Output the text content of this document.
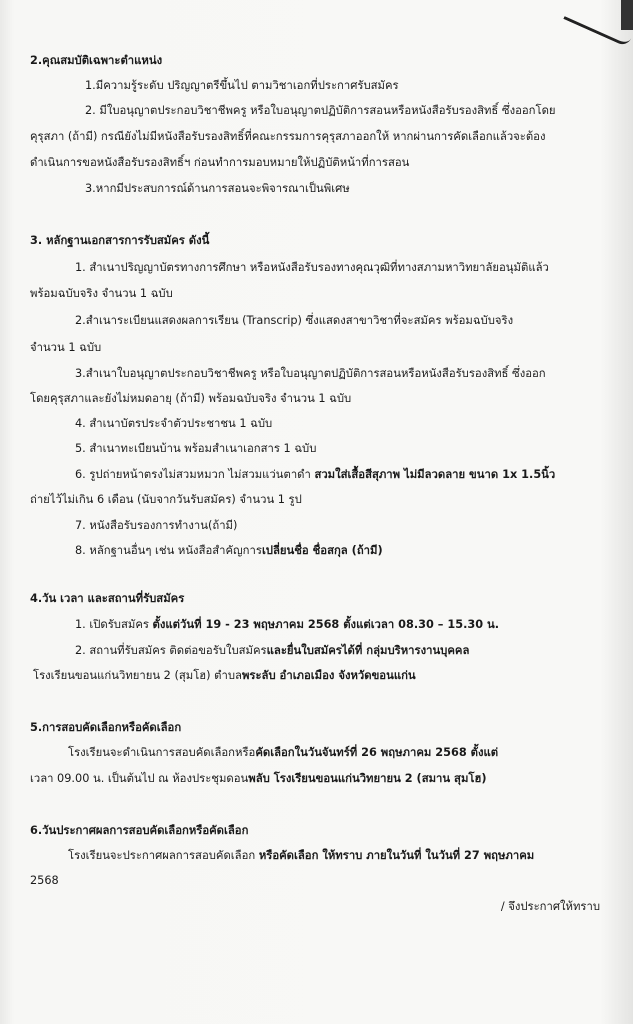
2.คุณสมบัติเฉพาะตำแหน่ง
1.มีความรู้ระดับ ปริญญาตรีขึ้นไป ตามวิชาเอกที่ประกาศรับสมัคร
2. มีใบอนุญาตประกอบวิชาชีพครู หรือใบอนุญาตปฏิบัติการสอนหรือหนังสือรับรองสิทธิ์ ซึ่งออกโดย
คุรุสภา (ถ้ามี) กรณียังไม่มีหนังสือรับรองสิทธิ์ที่คณะกรรมการคุรุสภาออกให้ หากผ่านการคัดเลือกแล้วจะต้อง
ดำเนินการขอหนังสือรับรองสิทธิ์ฯ ก่อนทำการมอบหมายให้ปฏิบัติหน้าที่การสอน
3.หากมีประสบการณ์ด้านการสอนจะพิจารณาเป็นพิเศษ
3. หลักฐานเอกสารการรับสมัคร ดังนี้
1. สำเนาปริญญาบัตรทางการศึกษา หรือหนังสือรับรองทางคุณวุฒิที่ทางสภามหาวิทยาลัยอนุมัติแล้ว
พร้อมฉบับจริง จำนวน 1 ฉบับ
2.สำเนาระเบียนแสดงผลการเรียน (Transcrip) ซึ่งแสดงสาขาวิชาที่จะสมัคร พร้อมฉบับจริง
จำนวน 1 ฉบับ
3.สำเนาใบอนุญาตประกอบวิชาชีพครู หรือใบอนุญาตปฏิบัติการสอนหรือหนังสือรับรองสิทธิ์ ซึ่งออก
โดยคุรุสภาและยังไม่หมดอายุ (ถ้ามี) พร้อมฉบับจริง จำนวน 1 ฉบับ
4. สำเนาบัตรประจำตัวประชาชน 1 ฉบับ
5. สำเนาทะเบียนบ้าน พร้อมสำเนาเอกสาร 1 ฉบับ
6. รูปถ่ายหน้าตรงไม่สวมหมวก ไม่สวมแว่นตาดำ สวมใส่เสื้อสีสุภาพ ไม่มีลวดลาย ขนาด 1x 1.5นิ้ว
ถ่ายไว้ไม่เกิน 6 เดือน (นับจากวันรับสมัคร) จำนวน 1 รูป
7. หนังสือรับรองการทำงาน(ถ้ามี)
8. หลักฐานอื่นๆ เช่น หนังสือสำคัญการเปลี่ยนชื่อ ชื่อสกุล (ถ้ามี)
4.วัน เวลา และสถานที่รับสมัคร
1. เปิดรับสมัคร ตั้งแต่วันที่ 19 - 23 พฤษภาคม 2568 ตั้งแต่เวลา 08.30 – 15.30 น.
2. สถานที่รับสมัคร ติดต่อขอรับใบสมัครและยื่นใบสมัครได้ที่ กลุ่มบริหารงานบุคคล
โรงเรียนขอนแก่นวิทยายน 2 (สุมโฮ) ตำบลพระลับ อำเภอเมือง จังหวัดขอนแก่น
5.การสอบคัดเลือกหรือคัดเลือก
โรงเรียนจะดำเนินการสอบคัดเลือกหรือคัดเลือกในวันจันทร์ที่ 26 พฤษภาคม 2568 ตั้งแต่
เวลา 09.00 น. เป็นต้นไป ณ ห้องประชุมดอนพลับ โรงเรียนขอนแก่นวิทยายน 2 (สมาน สุมโฮ)
6.วันประกาศผลการสอบคัดเลือกหรือคัดเลือก
โรงเรียนจะประกาศผลการสอบคัดเลือก หรือคัดเลือก ให้ทราบ ภายในวันที่ ในวันที่ 27 พฤษภาคม
2568
/ จึงประกาศให้ทราบ
